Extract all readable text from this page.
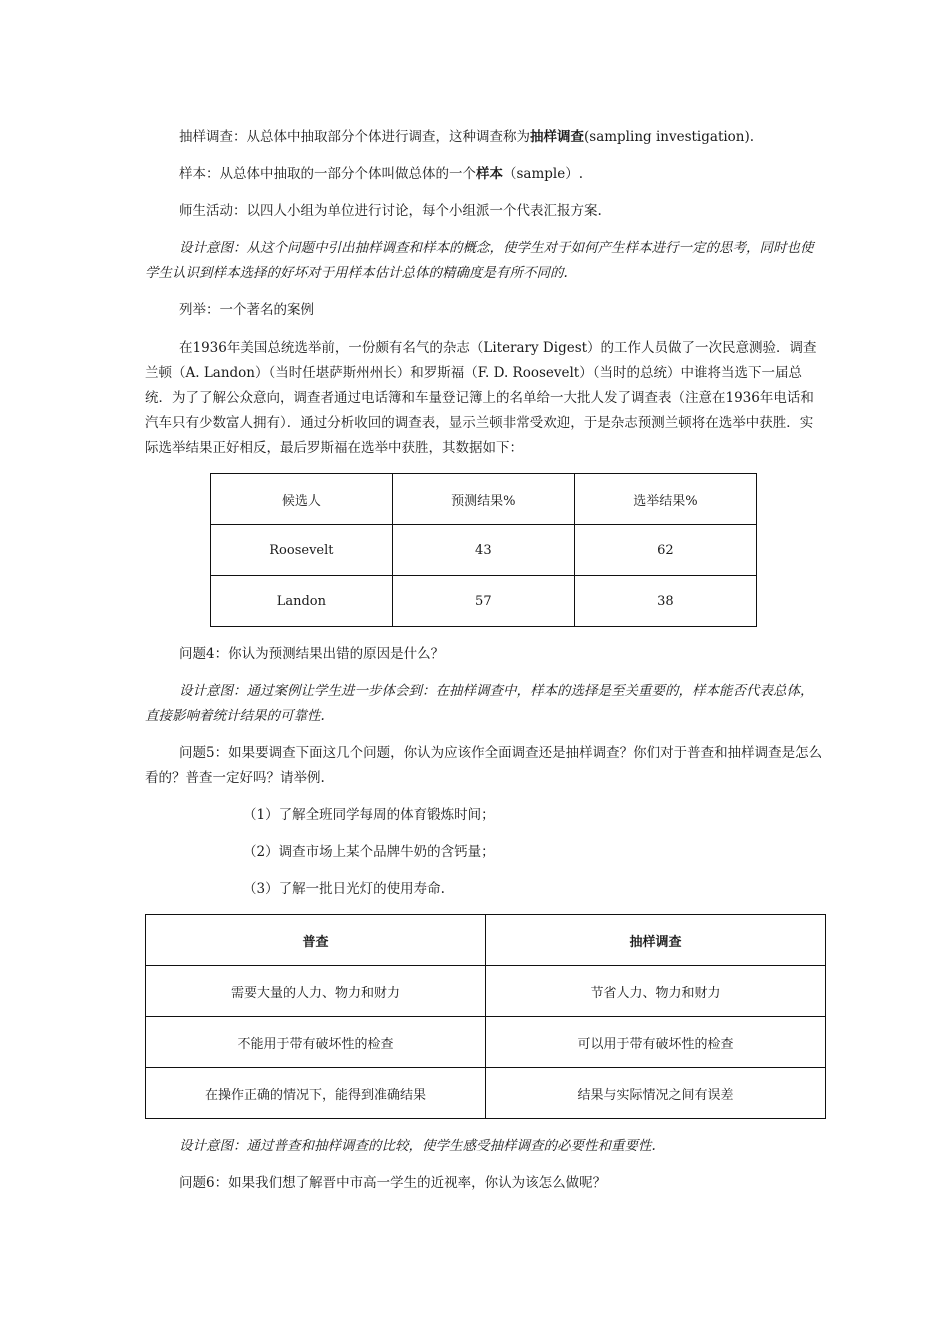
抽样调查：从总体中抽取部分个体进行调查，这种调查称为抽样调查(sampling investigation).

样本：从总体中抽取的一部分个体叫做总体的一个样本（sample）.

师生活动：以四人小组为单位进行讨论，每个小组派一个代表汇报方案.

设计意图：从这个问题中引出抽样调查和样本的概念，使学生对于如何产生样本进行一定的思考，同时也使学生认识到样本选择的好坏对于用样本估计总体的精确度是有所不同的.

列举：一个著名的案例

在1936年美国总统选举前，一份颇有名气的杂志（Literary Digest）的工作人员做了一次民意测验．调查兰顿（A. Landon）（当时任堪萨斯州州长）和罗斯福（F. D. Roosevelt）（当时的总统）中谁将当选下一届总统．为了了解公众意向，调查者通过电话簿和车量登记簿上的名单给一大批人发了调查表（注意在1936年电话和汽车只有少数富人拥有）．通过分析收回的调查表，显示兰顿非常受欢迎，于是杂志预测兰顿将在选举中获胜．实际选举结果正好相反，最后罗斯福在选举中获胜，其数据如下：

候选人	预测结果%	选举结果%
Roosevelt	43	62
Landon	57	38

问题4：你认为预测结果出错的原因是什么？

设计意图：通过案例让学生进一步体会到：在抽样调查中，样本的选择是至关重要的，样本能否代表总体，直接影响着统计结果的可靠性.

问题5：如果要调查下面这几个问题，你认为应该作全面调查还是抽样调查？你们对于普查和抽样调查是怎么看的？普查一定好吗？请举例.

（1）了解全班同学每周的体育锻炼时间；

（2）调查市场上某个品牌牛奶的含钙量；

（3）了解一批日光灯的使用寿命.

普查	抽样调查
需要大量的人力、物力和财力	节省人力、物力和财力
不能用于带有破坏性的检查	可以用于带有破坏性的检查
在操作正确的情况下，能得到准确结果	结果与实际情况之间有误差

设计意图：通过普查和抽样调查的比较，使学生感受抽样调查的必要性和重要性.

问题6：如果我们想了解晋中市高一学生的近视率，你认为该怎么做呢？
